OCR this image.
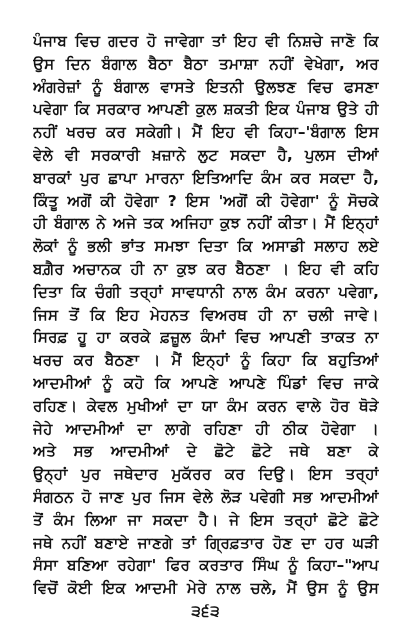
ਪੰਜਾਬ ਵਿਚ ਗਦਰ ਹੋ ਜਾਵੇਗਾ ਤਾਂ ਇਹ ਵੀ ਨਿਸ਼ਚੇ ਜਾਣੋ ਕਿ
ਉਸ ਦਿਨ ਬੰਗਾਲ ਬੈਠਾ ਬੈਠਾ ਤਮਾਸ਼ਾ ਨਹੀਂ ਵੇਖੇਗਾ, ਅਰ
ਅੰਗਰੇਜ਼ਾਂ ਨੂੰ ਬੰਗਾਲ ਵਾਸਤੇ ਇਤਨੀ ਉਲਝਣ ਵਿਚ ਫਸਣਾ
ਪਵੇਗਾ ਕਿ ਸਰਕਾਰ ਆਪਣੀ ਕੁਲ ਸ਼ਕਤੀ ਇਕ ਪੰਜਾਬ ਉਤੇ ਹੀ
ਨਹੀਂ ਖਰਚ ਕਰ ਸਕੇਗੀ। ਮੈਂ ਇਹ ਵੀ ਕਿਹਾ–'ਬੰਗਾਲ ਇਸ
ਵੇਲੇ ਵੀ ਸਰਕਾਰੀ ਖ਼ਜ਼ਾਨੇ ਲੁਟ ਸਕਦਾ ਹੈ, ਪੁਲਸ ਦੀਆਂ
ਬਾਰਕਾਂ ਪੁਰ ਛਾਪਾ ਮਾਰਨਾ ਇਤਿਆਦਿ ਕੰਮ ਕਰ ਸਕਦਾ ਹੈ,
ਕਿੰਤੂ ਅਗੋਂ ਕੀ ਹੋਵੇਗਾ ? ਇਸ 'ਅਗੋਂ ਕੀ ਹੋਵੇਗਾ' ਨੂੰ ਸੋਚਕੇ
ਹੀ ਬੰਗਾਲ ਨੇ ਅਜੇ ਤਕ ਅਜਿਹਾ ਕੁਝ ਨਹੀਂ ਕੀਤਾ। ਮੈਂ ਇਨ੍ਹਾਂ
ਲੋਕਾਂ ਨੂੰ ਭਲੀ ਭਾਂਤ ਸਮਝਾ ਦਿਤਾ ਕਿ ਅਸਾਡੀ ਸਲਾਹ ਲਏ
ਬਗ਼ੈਰ ਅਚਾਨਕ ਹੀ ਨਾ ਕੁਝ ਕਰ ਬੈਠਣਾ । ਇਹ ਵੀ ਕਹਿ
ਦਿਤਾ ਕਿ ਚੰਗੀ ਤਰ੍ਹਾਂ ਸਾਵਧਾਨੀ ਨਾਲ ਕੰਮ ਕਰਨਾ ਪਵੇਗਾ,
ਜਿਸ ਤੋਂ ਕਿ ਇਹ ਮੇਹਨਤ ਵਿਅਰਥ ਹੀ ਨਾ ਚਲੀ ਜਾਵੇ।
ਸਿਰਫ਼ ਹੂ ਹਾ ਕਰਕੇ ਫ਼ਜ਼ੂਲ ਕੰਮਾਂ ਵਿਚ ਆਪਣੀ ਤਾਕਤ ਨਾ
ਖਰਚ ਕਰ ਬੈਠਣਾ । ਮੈਂ ਇਨ੍ਹਾਂ ਨੂੰ ਕਿਹਾ ਕਿ ਬਹੁਤਿਆਂ
ਆਦਮੀਆਂ ਨੂੰ ਕਹੋ ਕਿ ਆਪਣੇ ਆਪਣੇ ਪਿੰਡਾਂ ਵਿਚ ਜਾਕੇ
ਰਹਿਣ। ਕੇਵਲ ਮੁਖੀਆਂ ਦਾ ਯਾ ਕੰਮ ਕਰਨ ਵਾਲੇ ਹੋਰ ਥੋੜੇ
ਜੇਹੇ ਆਦਮੀਆਂ ਦਾ ਲਾਗੇ ਰਹਿਣਾ ਹੀ ਠੀਕ ਹੋਵੇਗਾ ।
ਅਤੇ ਸਭ ਆਦਮੀਆਂ ਦੇ ਛੋਟੇ ਛੋਟੇ ਜਥੇ ਬਣਾ ਕੇ
ਉਨ੍ਹਾਂ ਪੁਰ ਜਥੇਦਾਰ ਮੁਕੱਰਰ ਕਰ ਦਿਉ। ਇਸ ਤਰ੍ਹਾਂ
ਸੰਗਠਨ ਹੋ ਜਾਣ ਪੁਰ ਜਿਸ ਵੇਲੇ ਲੋੜ ਪਵੇਗੀ ਸਭ ਆਦਮੀਆਂ
ਤੋਂ ਕੰਮ ਲਿਆ ਜਾ ਸਕਦਾ ਹੈ। ਜੇ ਇਸ ਤਰ੍ਹਾਂ ਛੋਟੇ ਛੋਟੇ
ਜਥੇ ਨਹੀਂ ਬਣਾਏ ਜਾਣਗੇ ਤਾਂ ਗ੍ਰਿਫ਼ਤਾਰ ਹੋਣ ਦਾ ਹਰ ਘੜੀ
ਸੰਸਾ ਬਣਿਆ ਰਹੇਗਾ' ਫਿਰ ਕਰਤਾਰ ਸਿੰਘ ਨੂੰ ਕਿਹਾ–"ਆਪ
ਵਿਚੋਂ ਕੋਈ ਇਕ ਆਦਮੀ ਮੇਰੇ ਨਾਲ ਚਲੇ, ਮੈਂ ਉਸ ਨੂੰ ਉਸ
੩੬੩
